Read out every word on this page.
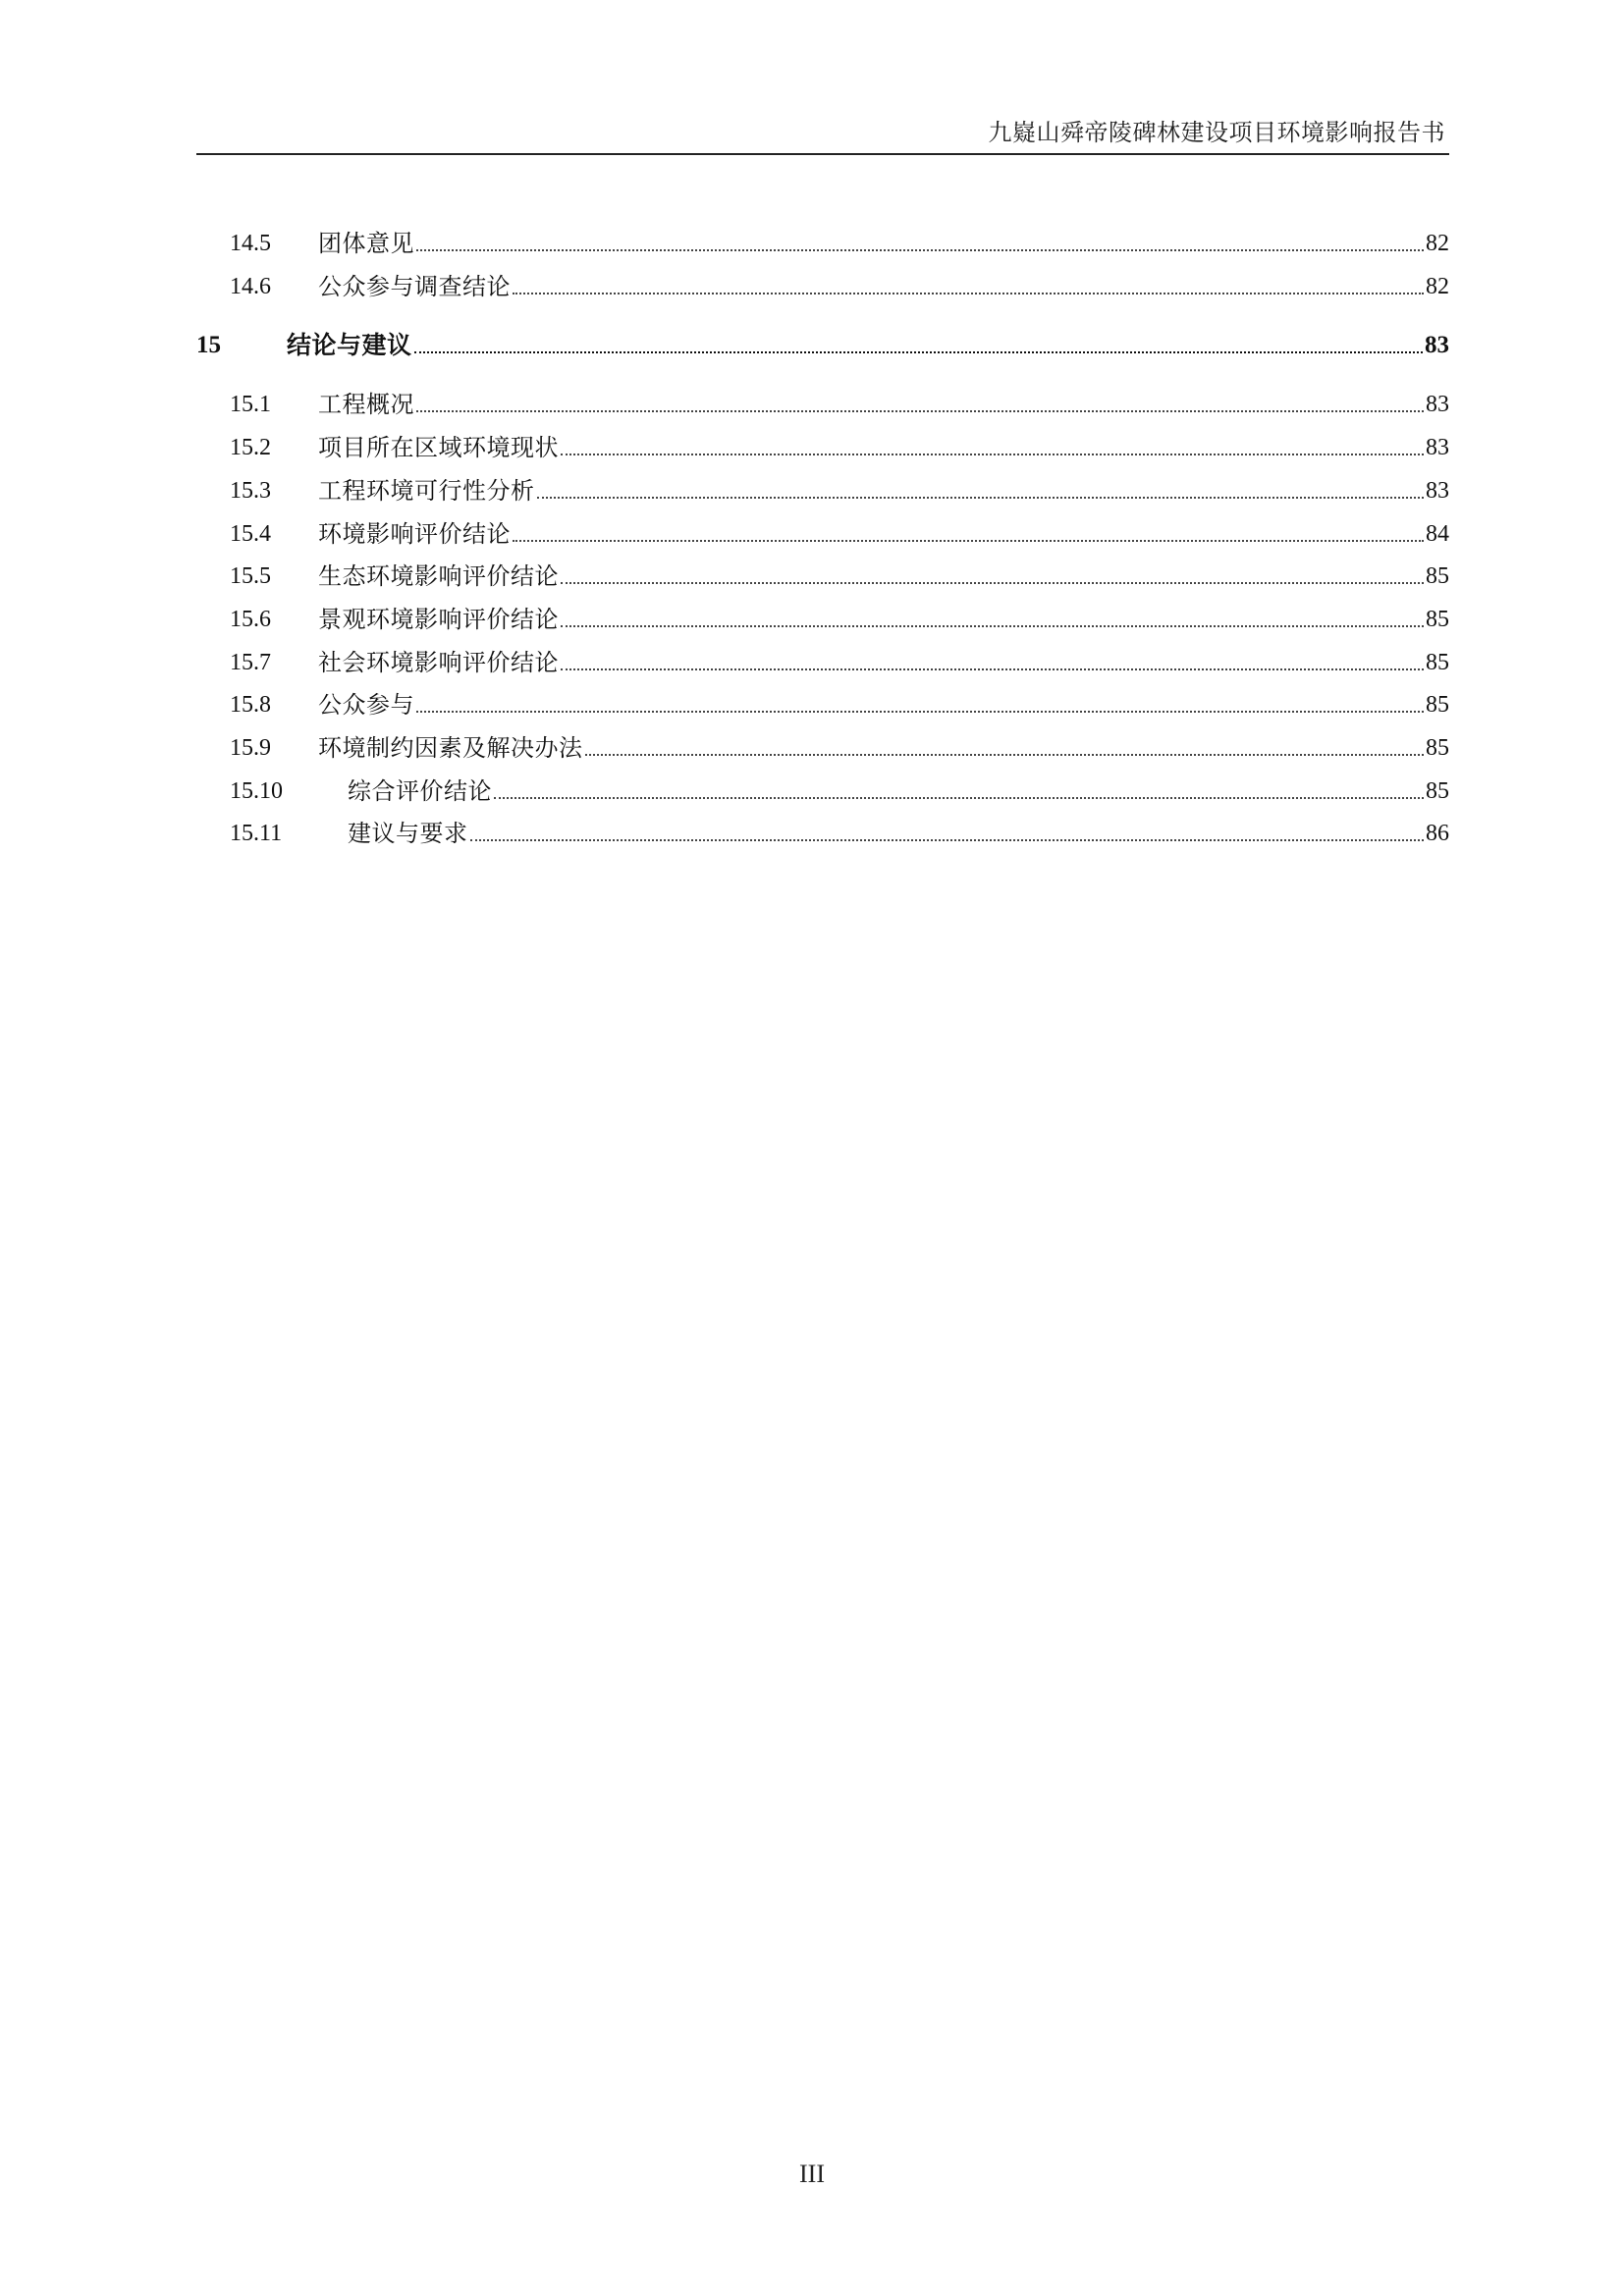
九嶷山舜帝陵碑林建设项目环境影响报告书
14.5	团体意见	82
14.6	公众参与调查结论	82
15	结论与建议	83
15.1	工程概况	83
15.2	项目所在区域环境现状	83
15.3	工程环境可行性分析	83
15.4	环境影响评价结论	84
15.5	生态环境影响评价结论	85
15.6	景观环境影响评价结论	85
15.7	社会环境影响评价结论	85
15.8	公众参与	85
15.9	环境制约因素及解决办法	85
15.10	综合评价结论	85
15.11	建议与要求	86
III
